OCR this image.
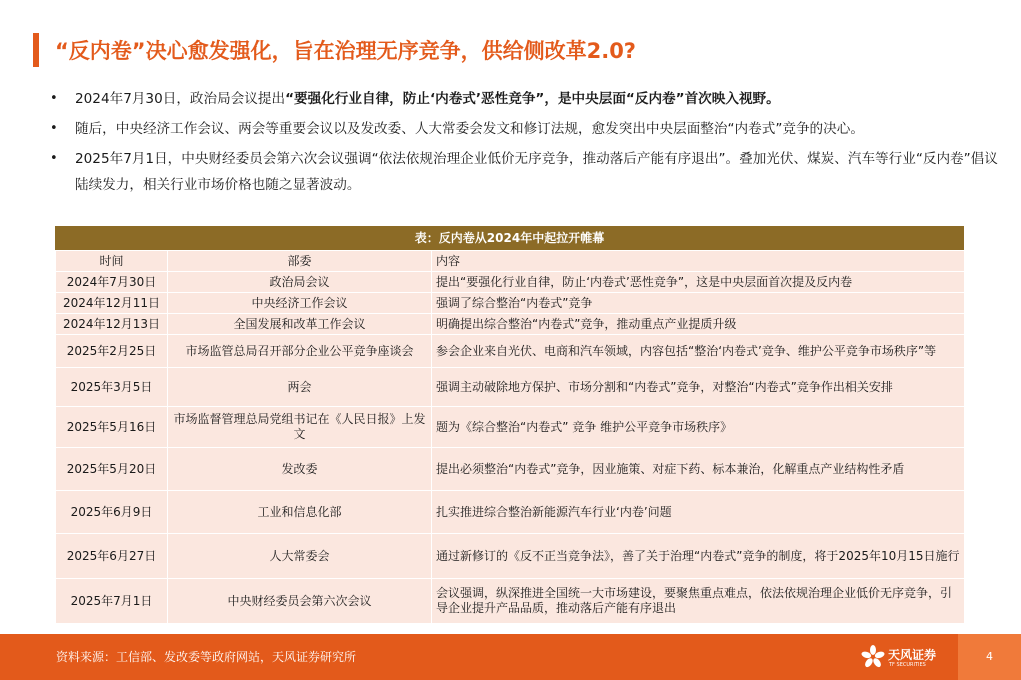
“反内卷”决心愈发强化，旨在治理无序竞争，供给侧改革2.0?
• 2024年7月30日，政治局会议提出“要强化行业自律，防止‘内卷式’恶性竞争”，是中央层面“反内卷”首次映入视野。
• 随后，中央经济工作会议、两会等重要会议以及发改委、人大常委会发文和修订法规，愈发突出中央层面整治“内卷式”竞争的决心。
• 2025年7月1日，中央财经委员会第六次会议强调“依法依规治理企业低价无序竞争，推动落后产能有序退出”。叠加光伏、煤炭、汽车等行业“反内卷”倡议陆续发力，相关行业市场价格也随之显著波动。
表：反内卷从2024年中起拉开帷幕
时间	部委	内容
2024年7月30日	政治局会议	提出“要强化行业自律，防止‘内卷式’恶性竞争”，这是中央层面首次提及反内卷
2024年12月11日	中央经济工作会议	强调了综合整治“内卷式”竞争
2024年12月13日	全国发展和改革工作会议	明确提出综合整治“内卷式”竞争，推动重点产业提质升级
2025年2月25日	市场监管总局召开部分企业公平竞争座谈会	参会企业来自光伏、电商和汽车领域，内容包括“整治‘内卷式’竞争、维护公平竞争市场秩序”等
2025年3月5日	两会	强调主动破除地方保护、市场分割和“内卷式”竞争，对整治“内卷式”竞争作出相关安排
2025年5月16日	市场监督管理总局党组书记在《人民日报》上发文	题为《综合整治“内卷式” 竞争 维护公平竞争市场秩序》
2025年5月20日	发改委	提出必须整治“内卷式”竞争，因业施策、对症下药、标本兼治，化解重点产业结构性矛盾
2025年6月9日	工业和信息化部	扎实推进综合整治新能源汽车行业‘内卷’问题
2025年6月27日	人大常委会	通过新修订的《反不正当竞争法》，善了关于治理“内卷式”竞争的制度，将于2025年10月15日施行
2025年7月1日	中央财经委员会第六次会议	会议强调，纵深推进全国统一大市场建设，要聚焦重点难点，依法依规治理企业低价无序竞争，引导企业提升产品品质，推动落后产能有序退出
资料来源：工信部、发改委等政府网站，天风证券研究所	天风证券
TF SECURITIES
4
